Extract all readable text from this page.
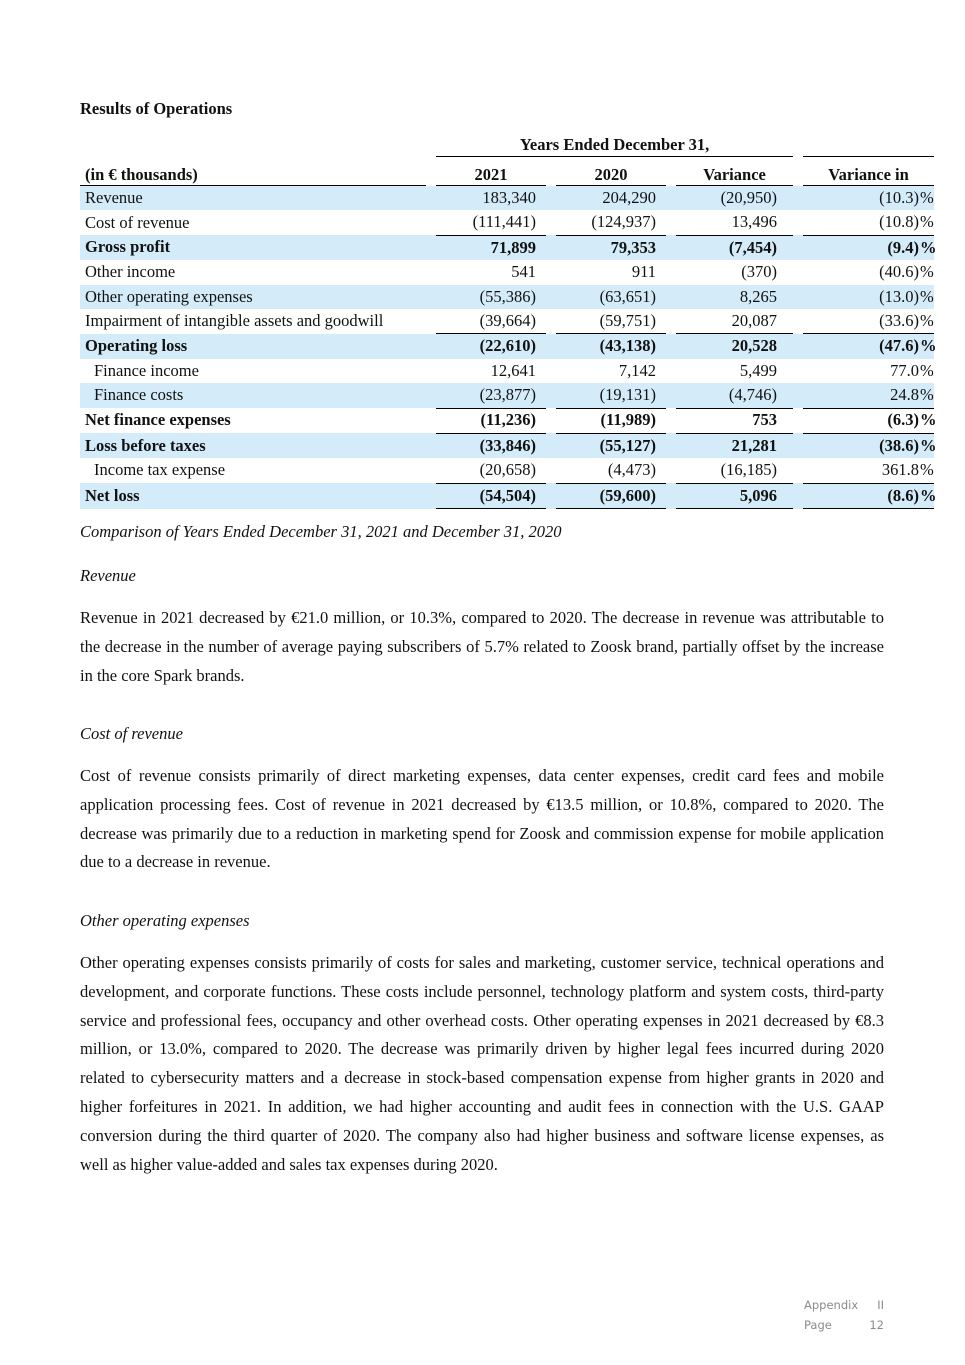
Results of Operations
		Years Ended December 31,							
(in € thousands)		2021		2020		Variance		Variance in	
Revenue		183,340		204,290		(20,950)		(10.3)	%
Cost of revenue		(111,441)		(124,937)		13,496		(10.8)	%
Gross profit		71,899		79,353		(7,454)		(9.4)	%
Other income		541		911		(370)		(40.6)	%
Other operating expenses		(55,386)		(63,651)		8,265		(13.0)	%
Impairment of intangible assets and goodwill		(39,664)		(59,751)		20,087		(33.6)	%
Operating loss		(22,610)		(43,138)		20,528		(47.6)	%
Finance income		12,641		7,142		5,499		77.0	%
Finance costs		(23,877)		(19,131)		(4,746)		24.8	%
Net finance expenses		(11,236)		(11,989)		753		(6.3)	%
Loss before taxes		(33,846)		(55,127)		21,281		(38.6)	%
Income tax expense		(20,658)		(4,473)		(16,185)		361.8	%
Net loss		(54,504)		(59,600)		5,096		(8.6)	%
Comparison of Years Ended December 31, 2021 and December 31, 2020
Revenue
Revenue in 2021 decreased by €21.0 million, or 10.3%, compared to 2020. The decrease in revenue was attributable to the decrease in the number of average paying subscribers of 5.7% related to Zoosk brand, partially offset by the increase in the core Spark brands.
Cost of revenue
Cost of revenue consists primarily of direct marketing expenses, data center expenses, credit card fees and mobile application processing fees. Cost of revenue in 2021 decreased by €13.5 million, or 10.8%, compared to 2020. The decrease was primarily due to a reduction in marketing spend for Zoosk and commission expense for mobile application due to a decrease in revenue.
Other operating expenses
Other operating expenses consists primarily of costs for sales and marketing, customer service, technical operations and development, and corporate functions. These costs include personnel, technology platform and system costs, third-party service and professional fees, occupancy and other overhead costs. Other operating expenses in 2021 decreased by €8.3 million, or 13.0%, compared to 2020. The decrease was primarily driven by higher legal fees incurred during 2020 related to cybersecurity matters and a decrease in stock-based compensation expense from higher grants in 2020 and higher forfeitures in 2021. In addition, we had higher accounting and audit fees in connection with the U.S. GAAP conversion during the third quarter of 2020. The company also had higher business and software license expenses, as well as higher value-added and sales tax expenses during 2020.
Appendix II
Page	12
